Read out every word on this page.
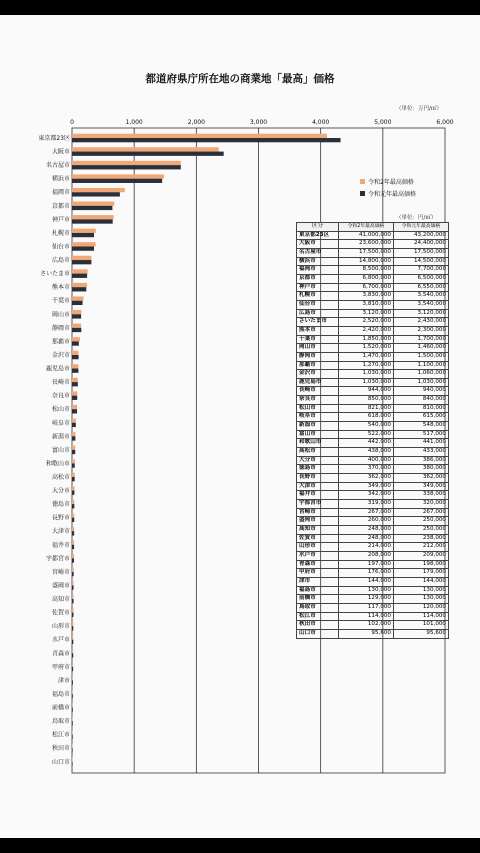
都道府県庁所在地の商業地「最高」価格
（単位：万円/㎡）
0	1,000	2,000	3,000	4,000	5,000	6,000
東京都23区
大阪市
名古屋市
横浜市
福岡市
京都市
神戸市
札幌市
仙台市
広島市
さいたま市
熊本市
千葉市
岡山市
静岡市
那覇市
金沢市
鹿児島市
長崎市
奈良市
松山市
岐阜市
新潟市
富山市
和歌山市
高松市
大分市
徳島市
長野市
大津市
福井市
宇都宮市
宮崎市
盛岡市
高知市
佐賀市
山形市
水戸市
青森市
甲府市
津市
福島市
前橋市
鳥取市
松江市
秋田市
山口市
令和2年最高価格
令和元年最高価格
（単位：円/㎡）
区分	令和2年最高価格	令和元年最高価格
東京都23区	41,000,000	43,200,000
大阪市	23,600,000	24,400,000
名古屋市	17,500,000	17,500,000
横浜市	14,800,000	14,500,000
福岡市	8,500,000	7,700,000
京都市	6,800,000	6,500,000
神戸市	6,700,000	6,550,000
札幌市	3,830,000	3,540,000
仙台市	3,810,000	3,540,000
広島市	3,120,000	3,120,000
さいたま市	2,520,000	2,430,000
熊本市	2,420,000	2,300,000
千葉市	1,850,000	1,700,000
岡山市	1,520,000	1,460,000
静岡市	1,470,000	1,500,000
那覇市	1,270,000	1,100,000
金沢市	1,030,000	1,060,000
鹿児島市	1,030,000	1,030,000
長崎市	944,000	940,000
奈良市	850,000	840,000
松山市	821,000	810,000
岐阜市	618,000	615,000
新潟市	540,000	548,000
富山市	522,000	517,000
和歌山市	442,000	441,000
高松市	438,000	433,000
大分市	400,000	386,000
徳島市	370,000	380,000
長野市	362,000	362,000
大津市	349,000	349,000
福井市	342,000	338,000
宇都宮市	319,000	320,000
宮崎市	267,000	267,000
盛岡市	260,000	250,000
高知市	248,000	250,000
佐賀市	248,000	238,000
山形市	214,000	212,000
水戸市	208,000	209,000
青森市	197,000	198,000
甲府市	176,000	179,000
津市	144,000	144,000
福島市	130,000	130,000
前橋市	129,000	130,000
鳥取市	117,000	120,000
松江市	114,000	114,000
秋田市	102,000	101,000
山口市	95,600	95,600
